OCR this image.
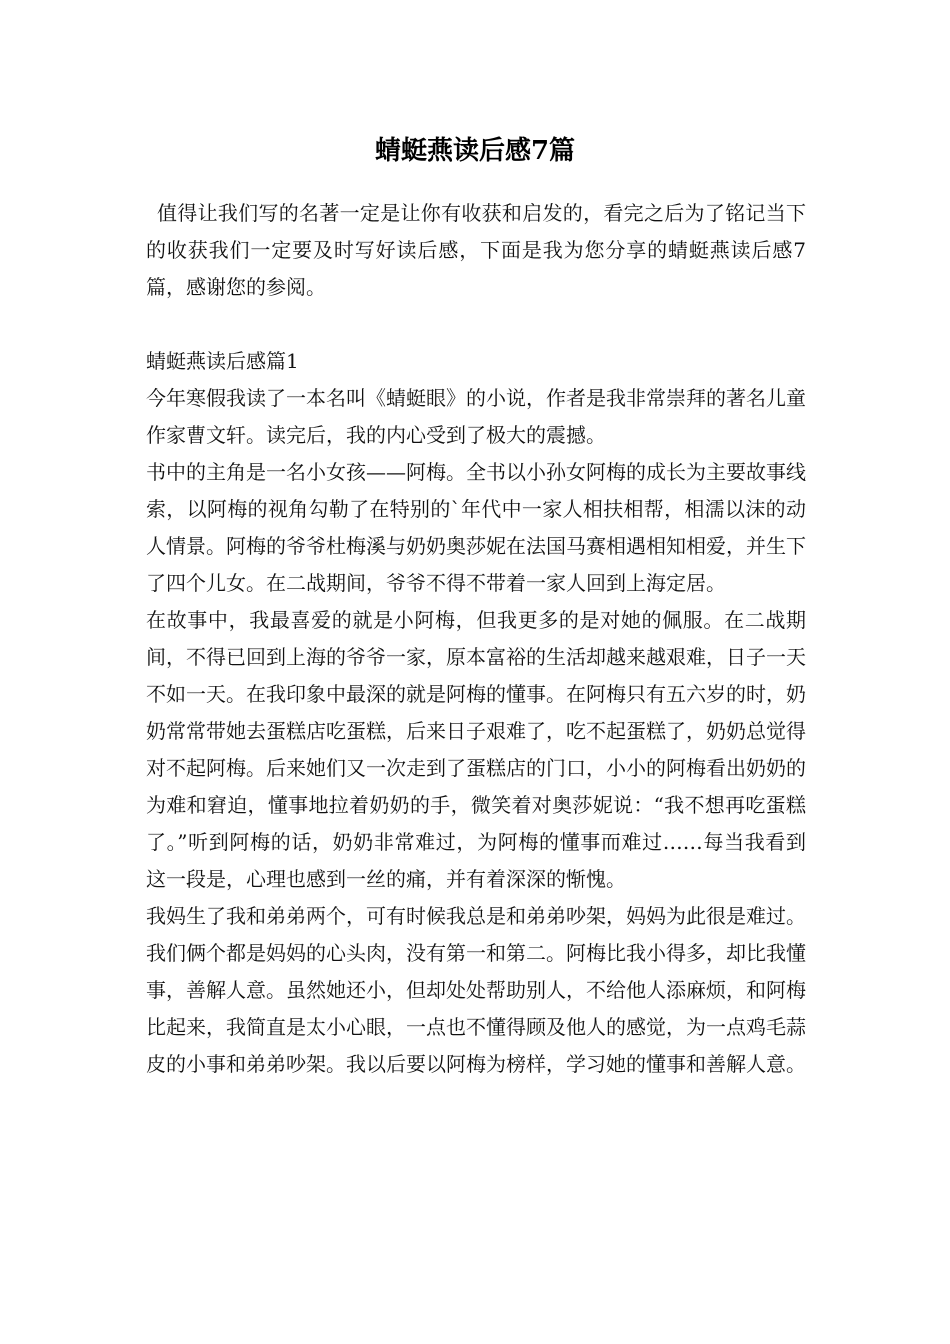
蜻蜓燕读后感7篇

值得让我们写的名著一定是让你有收获和启发的，看完之后为了铭记当下的收获我们一定要及时写好读后感，下面是我为您分享的蜻蜓燕读后感7篇，感谢您的参阅。

蜻蜓燕读后感篇1

今年寒假我读了一本名叫《蜻蜓眼》的小说，作者是我非常崇拜的著名儿童作家曹文轩。读完后，我的内心受到了极大的震撼。

书中的主角是一名小女孩——阿梅。全书以小孙女阿梅的成长为主要故事线索，以阿梅的视角勾勒了在特别的`年代中一家人相扶相帮，相濡以沫的动人情景。阿梅的爷爷杜梅溪与奶奶奥莎妮在法国马赛相遇相知相爱，并生下了四个儿女。在二战期间，爷爷不得不带着一家人回到上海定居。

在故事中，我最喜爱的就是小阿梅，但我更多的是对她的佩服。在二战期间，不得已回到上海的爷爷一家，原本富裕的生活却越来越艰难，日子一天不如一天。在我印象中最深的就是阿梅的懂事。在阿梅只有五六岁的时，奶奶常常带她去蛋糕店吃蛋糕，后来日子艰难了，吃不起蛋糕了，奶奶总觉得对不起阿梅。后来她们又一次走到了蛋糕店的门口，小小的阿梅看出奶奶的为难和窘迫，懂事地拉着奶奶的手，微笑着对奥莎妮说：“我不想再吃蛋糕了。”听到阿梅的话，奶奶非常难过，为阿梅的懂事而难过……每当我看到这一段是，心理也感到一丝的痛，并有着深深的惭愧。

我妈生了我和弟弟两个，可有时候我总是和弟弟吵架，妈妈为此很是难过。我们俩个都是妈妈的心头肉，没有第一和第二。阿梅比我小得多，却比我懂事，善解人意。虽然她还小，但却处处帮助别人，不给他人添麻烦，和阿梅比起来，我简直是太小心眼，一点也不懂得顾及他人的感觉，为一点鸡毛蒜皮的小事和弟弟吵架。我以后要以阿梅为榜样，学习她的懂事和善解人意。
